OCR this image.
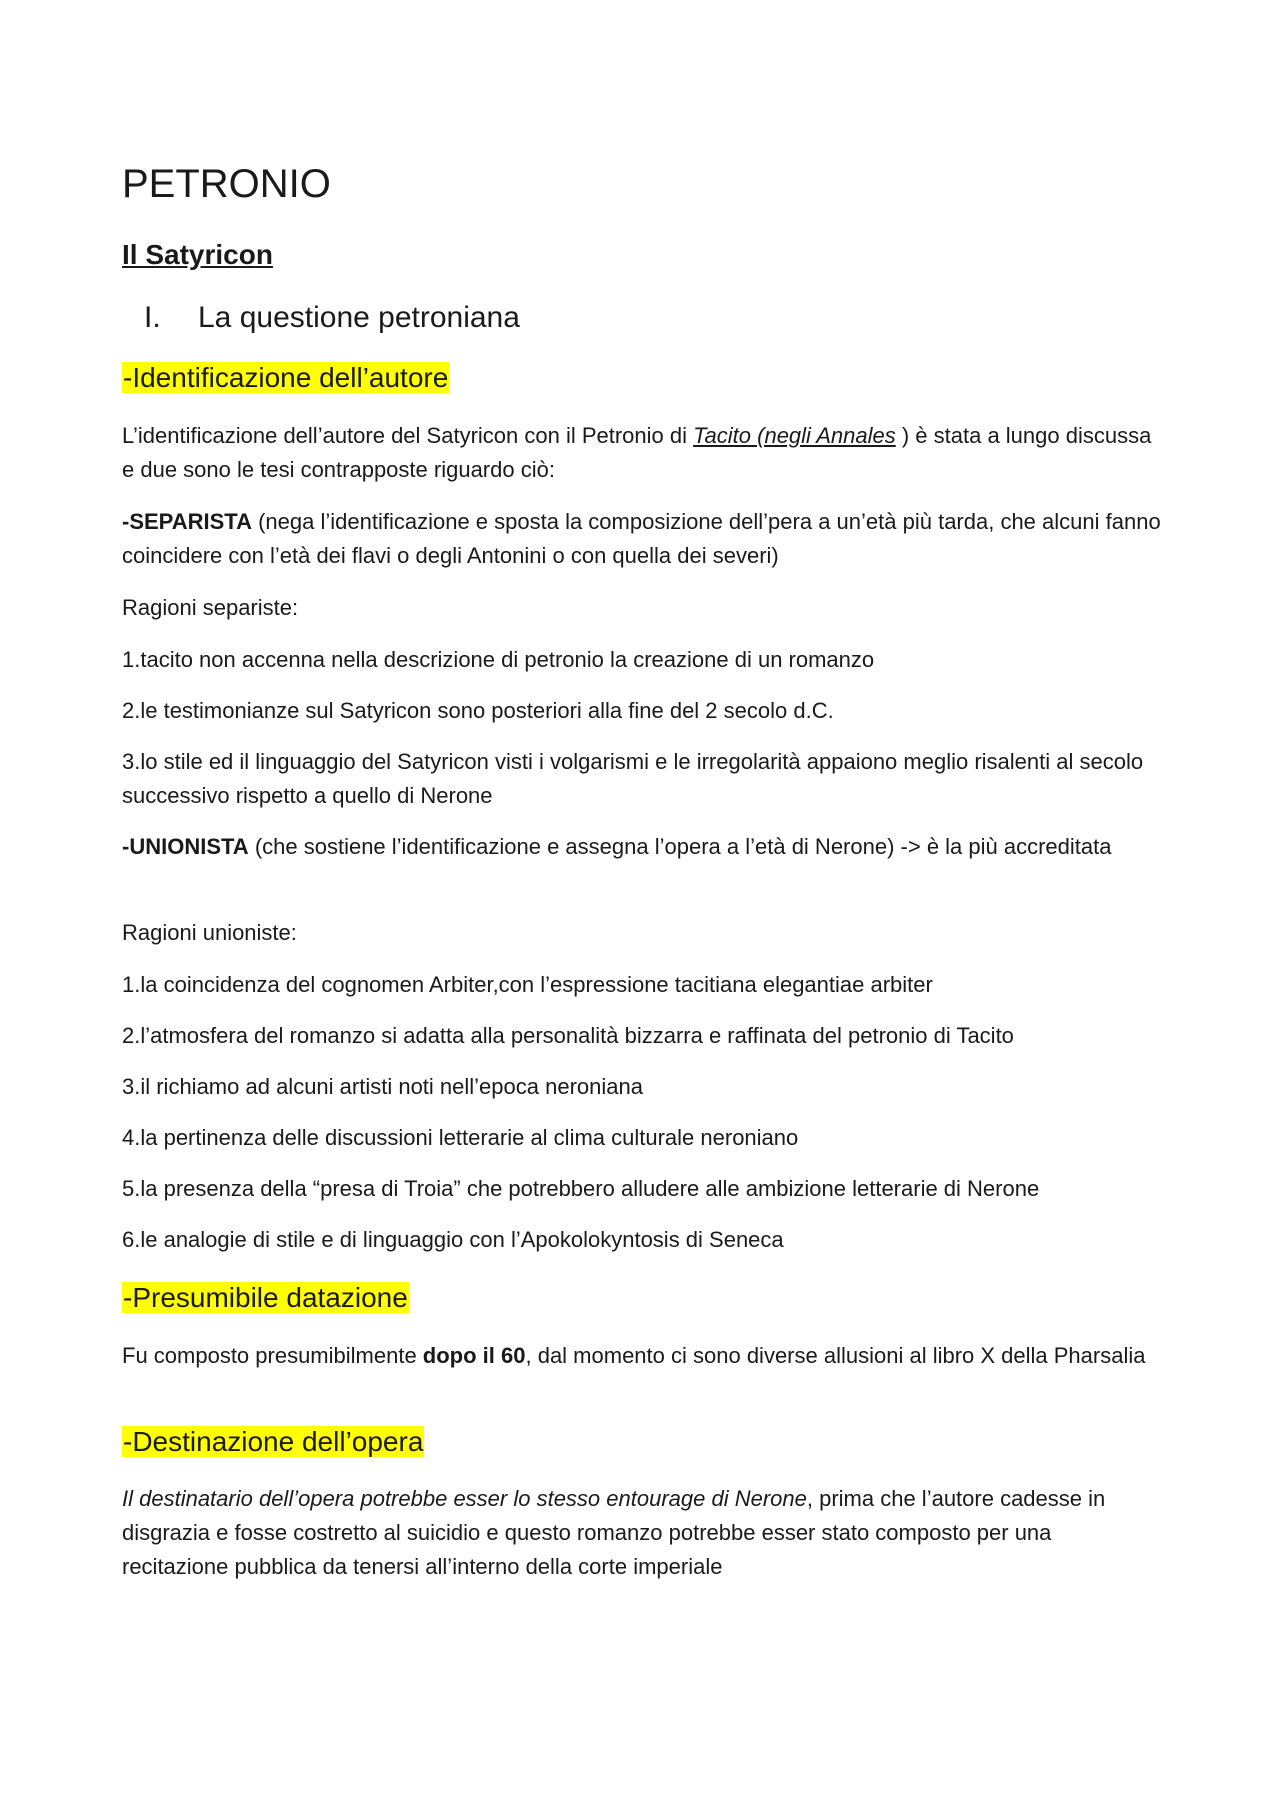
PETRONIO
Il Satyricon
I. La questione petroniana
-Identificazione dell’autore
L’identificazione dell’autore del Satyricon con il Petronio di Tacito (negli Annales ) è stata a lungo discussa e due sono le tesi contrapposte riguardo ciò:
-SEPARISTA (nega l’identificazione e sposta la composizione dell’pera a un’età più tarda, che alcuni fanno coincidere con l’età dei flavi o degli Antonini o con quella dei severi)
Ragioni separiste:
1.tacito non accenna nella descrizione di petronio la creazione di un romanzo
2.le testimonianze sul Satyricon sono posteriori alla fine del 2 secolo d.C.
3.lo stile ed il linguaggio del Satyricon visti i volgarismi e le irregolarità appaiono meglio risalenti al secolo successivo rispetto a quello di Nerone
-UNIONISTA (che sostiene l’identificazione e assegna l’opera a l’età di Nerone) -> è la più accreditata
Ragioni unioniste:
1.la coincidenza del cognomen Arbiter,con l’espressione tacitiana elegantiae arbiter
2.l’atmosfera del romanzo si adatta alla personalità bizzarra e raffinata del petronio di Tacito
3.il richiamo ad alcuni artisti noti nell’epoca neroniana
4.la pertinenza delle discussioni letterarie al clima culturale neroniano
5.la presenza della “presa di Troia” che potrebbero alludere alle ambizione letterarie di Nerone
6.le analogie di stile e di linguaggio con l’Apokolokyntosis di Seneca
-Presumibile datazione
Fu composto presumibilmente dopo il 60, dal momento ci sono diverse allusioni al libro X della Pharsalia
-Destinazione dell’opera
Il destinatario dell’opera potrebbe esser lo stesso entourage di Nerone, prima che l’autore cadesse in disgrazia e fosse costretto al suicidio e questo romanzo potrebbe esser stato composto per una recitazione pubblica da tenersi all’interno della corte imperiale
